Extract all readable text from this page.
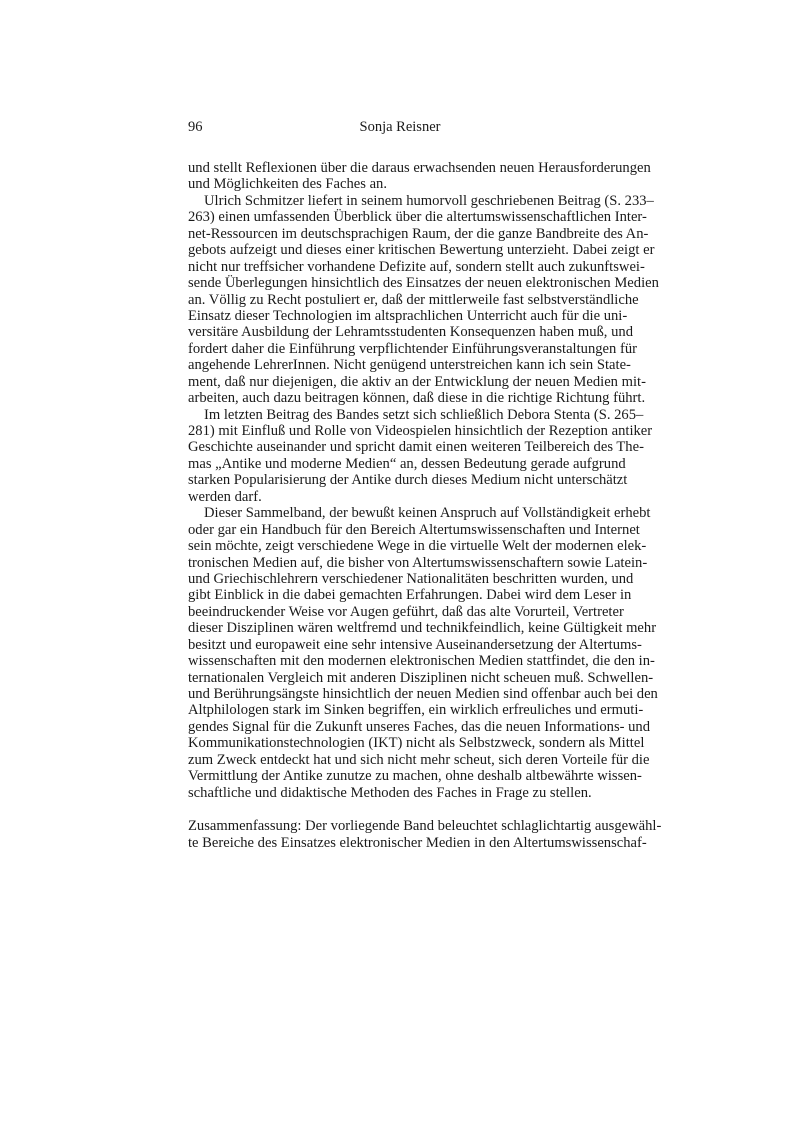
96	Sonja Reisner
und stellt Reflexionen über die daraus erwachsenden neuen Herausforderungen
und Möglichkeiten des Faches an.
Ulrich Schmitzer liefert in seinem humorvoll geschriebenen Beitrag (S. 233–
263) einen umfassenden Überblick über die altertumswissenschaftlichen Inter-
net-Ressourcen im deutschsprachigen Raum, der die ganze Bandbreite des An-
gebots aufzeigt und dieses einer kritischen Bewertung unterzieht. Dabei zeigt er
nicht nur treffsicher vorhandene Defizite auf, sondern stellt auch zukunftswei-
sende Überlegungen hinsichtlich des Einsatzes der neuen elektronischen Medien
an. Völlig zu Recht postuliert er, daß der mittlerweile fast selbstverständliche
Einsatz dieser Technologien im altsprachlichen Unterricht auch für die uni-
versitäre Ausbildung der Lehramtsstudenten Konsequenzen haben muß, und
fordert daher die Einführung verpflichtender Einführungsveranstaltungen für
angehende LehrerInnen. Nicht genügend unterstreichen kann ich sein State-
ment, daß nur diejenigen, die aktiv an der Entwicklung der neuen Medien mit-
arbeiten, auch dazu beitragen können, daß diese in die richtige Richtung führt.
Im letzten Beitrag des Bandes setzt sich schließlich Debora Stenta (S. 265–
281) mit Einfluß und Rolle von Videospielen hinsichtlich der Rezeption antiker
Geschichte auseinander und spricht damit einen weiteren Teilbereich des The-
mas „Antike und moderne Medien“ an, dessen Bedeutung gerade aufgrund
starken Popularisierung der Antike durch dieses Medium nicht unterschätzt
werden darf.
Dieser Sammelband, der bewußt keinen Anspruch auf Vollständigkeit erhebt
oder gar ein Handbuch für den Bereich Altertumswissenschaften und Internet
sein möchte, zeigt verschiedene Wege in die virtuelle Welt der modernen elek-
tronischen Medien auf, die bisher von Altertumswissenschaftern sowie Latein-
und Griechischlehrern verschiedener Nationalitäten beschritten wurden, und
gibt Einblick in die dabei gemachten Erfahrungen. Dabei wird dem Leser in
beeindruckender Weise vor Augen geführt, daß das alte Vorurteil, Vertreter
dieser Disziplinen wären weltfremd und technikfeindlich, keine Gültigkeit mehr
besitzt und europaweit eine sehr intensive Auseinandersetzung der Altertums-
wissenschaften mit den modernen elektronischen Medien stattfindet, die den in-
ternationalen Vergleich mit anderen Disziplinen nicht scheuen muß. Schwellen-
und Berührungsängste hinsichtlich der neuen Medien sind offenbar auch bei den
Altphilologen stark im Sinken begriffen, ein wirklich erfreuliches und ermuti-
gendes Signal für die Zukunft unseres Faches, das die neuen Informations- und
Kommunikationstechnologien (IKT) nicht als Selbstzweck, sondern als Mittel
zum Zweck entdeckt hat und sich nicht mehr scheut, sich deren Vorteile für die
Vermittlung der Antike zunutze zu machen, ohne deshalb altbewährte wissen-
schaftliche und didaktische Methoden des Faches in Frage zu stellen.
Zusammenfassung: Der vorliegende Band beleuchtet schlaglichtartig ausgewähl-
te Bereiche des Einsatzes elektronischer Medien in den Altertumswissenschaf-
